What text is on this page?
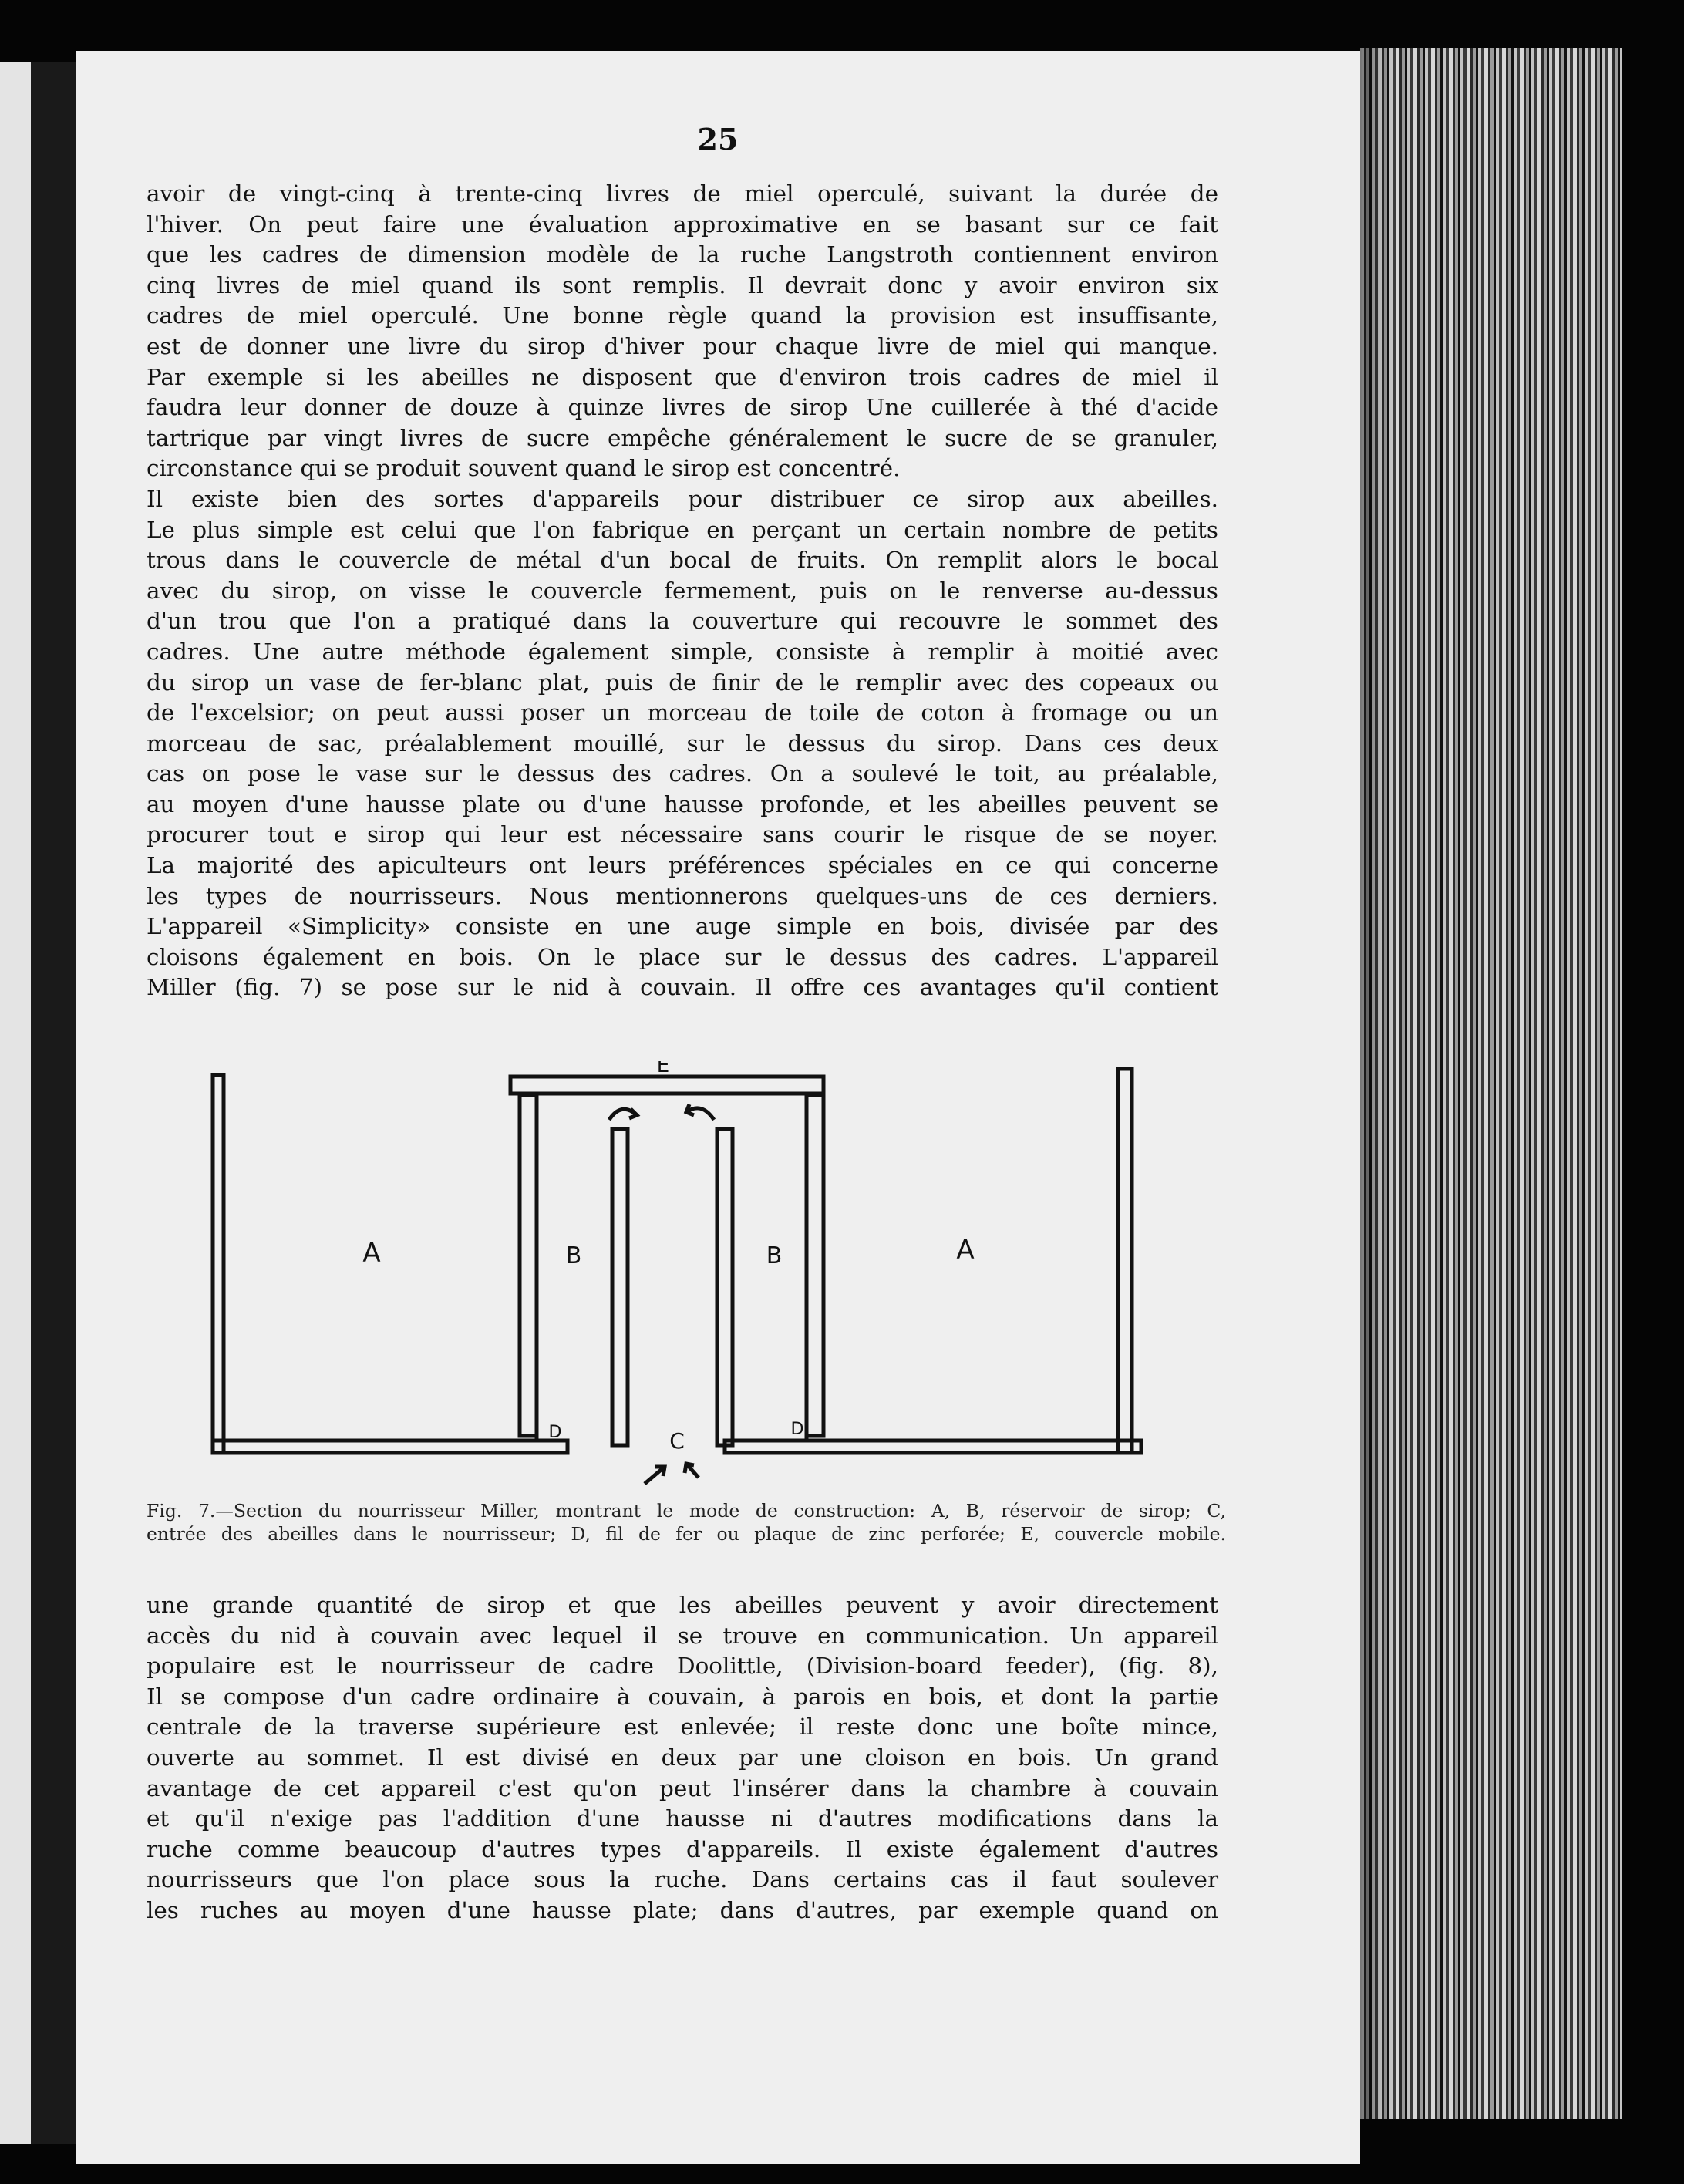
25
avoir de vingt-cinq à trente-cinq livres de miel operculé, suivant la durée de
l'hiver. On peut faire une évaluation approximative en se basant sur ce fait
que les cadres de dimension modèle de la ruche Langstroth contiennent environ
cinq livres de miel quand ils sont remplis. Il devrait donc y avoir environ six
cadres de miel operculé. Une bonne règle quand la provision est insuffisante,
est de donner une livre du sirop d'hiver pour chaque livre de miel qui manque.
Par exemple si les abeilles ne disposent que d'environ trois cadres de miel il
faudra leur donner de douze à quinze livres de sirop Une cuillerée à thé d'acide
tartrique par vingt livres de sucre empêche généralement le sucre de se granuler,
circonstance qui se produit souvent quand le sirop est concentré.
Il existe bien des sortes d'appareils pour distribuer ce sirop aux abeilles.
Le plus simple est celui que l'on fabrique en perçant un certain nombre de petits
trous dans le couvercle de métal d'un bocal de fruits. On remplit alors le bocal
avec du sirop, on visse le couvercle fermement, puis on le renverse au-dessus
d'un trou que l'on a pratiqué dans la couverture qui recouvre le sommet des
cadres. Une autre méthode également simple, consiste à remplir à moitié avec
du sirop un vase de fer-blanc plat, puis de finir de le remplir avec des copeaux ou
de l'excelsior; on peut aussi poser un morceau de toile de coton à fromage ou un
morceau de sac, préalablement mouillé, sur le dessus du sirop. Dans ces deux
cas on pose le vase sur le dessus des cadres. On a soulevé le toit, au préalable,
au moyen d'une hausse plate ou d'une hausse profonde, et les abeilles peuvent se
procurer tout e sirop qui leur est nécessaire sans courir le risque de se noyer.
La majorité des apiculteurs ont leurs préférences spéciales en ce qui concerne
les types de nourrisseurs. Nous mentionnerons quelques-uns de ces derniers.
L'appareil «Simplicity» consiste en une auge simple en bois, divisée par des
cloisons également en bois. On le place sur le dessus des cadres. L'appareil
Miller (fig. 7) se pose sur le nid à couvain. Il offre ces avantages qu'il contient
E
A	B	B	A
C
D	D
Fig. 7.—Section du nourrisseur Miller, montrant le mode de construction: A, B, réservoir de sirop; C,
entrée des abeilles dans le nourrisseur; D, fil de fer ou plaque de zinc perforée; E, couvercle mobile.
une grande quantité de sirop et que les abeilles peuvent y avoir directement
accès du nid à couvain avec lequel il se trouve en communication. Un appareil
populaire est le nourrisseur de cadre Doolittle, (Division-board feeder), (fig. 8),
Il se compose d'un cadre ordinaire à couvain, à parois en bois, et dont la partie
centrale de la traverse supérieure est enlevée; il reste donc une boîte mince,
ouverte au sommet. Il est divisé en deux par une cloison en bois. Un grand
avantage de cet appareil c'est qu'on peut l'insérer dans la chambre à couvain
et qu'il n'exige pas l'addition d'une hausse ni d'autres modifications dans la
ruche comme beaucoup d'autres types d'appareils. Il existe également d'autres
nourrisseurs que l'on place sous la ruche. Dans certains cas il faut soulever
les ruches au moyen d'une hausse plate; dans d'autres, par exemple quand on
